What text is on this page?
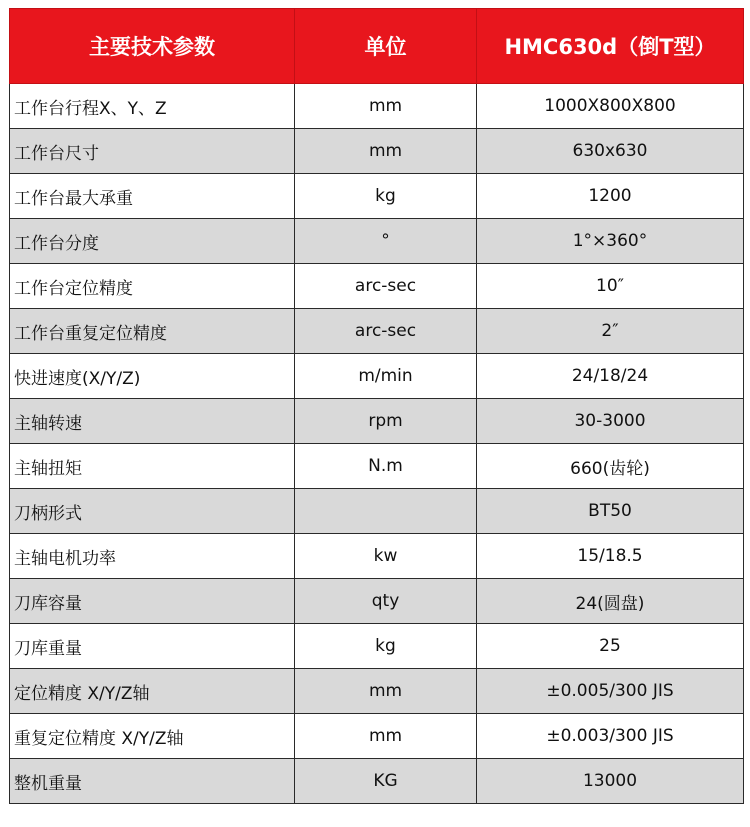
主要技术参数	单位	HMC630d（倒T型）
工作台行程X、Y、Z	mm	1000X800X800
工作台尺寸	mm	630x630
工作台最大承重	kg	1200
工作台分度	°	1°×360°
工作台定位精度	arc-sec	10″
工作台重复定位精度	arc-sec	2″
快进速度(X/Y/Z)	m/min	24/18/24
主轴转速	rpm	30-3000
主轴扭矩	N.m	660(齿轮)
刀柄形式		BT50
主轴电机功率	kw	15/18.5
刀库容量	qty	24(圆盘)
刀库重量	kg	25
定位精度 X/Y/Z轴	mm	±0.005/300 JIS
重复定位精度 X/Y/Z轴	mm	±0.003/300 JIS
整机重量	KG	13000
